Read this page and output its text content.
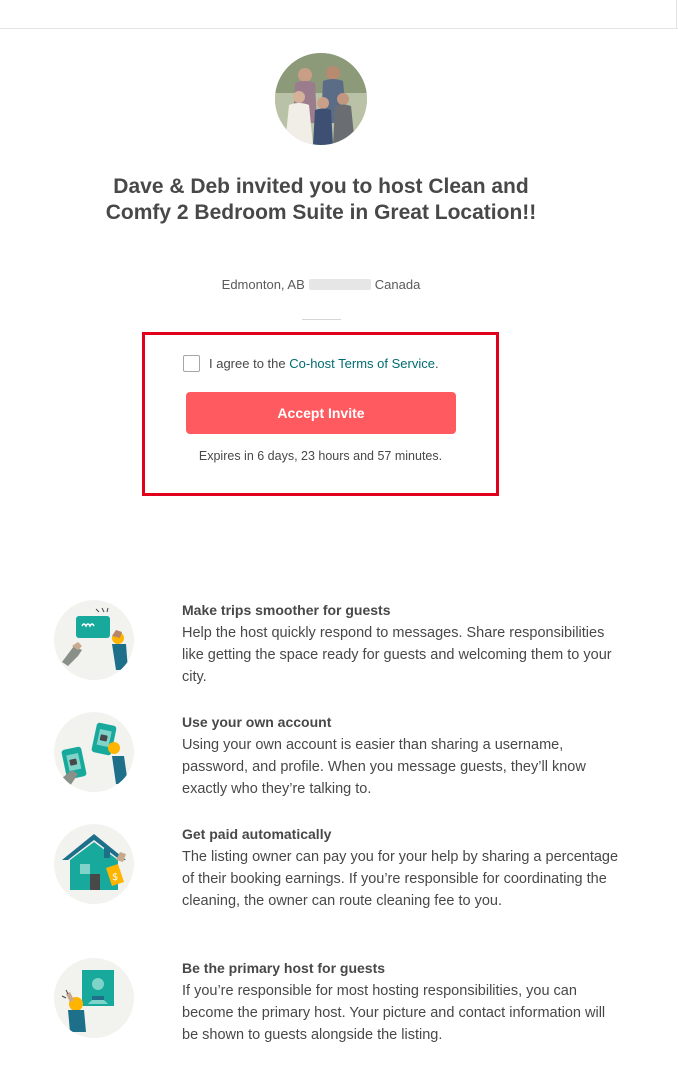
Dave & Deb invited you to host Clean and Comfy 2 Bedroom Suite in Great Location!!

Edmonton, AB	Canada

I agree to the Co-host Terms of Service.
Accept Invite

Expires in 6 days, 23 hours and 57 minutes.

Make trips smoother for guests

Help the host quickly respond to messages. Share responsibilities like getting the space ready for guests and welcoming them to your city.

Use your own account

Using your own account is easier than sharing a username, password, and profile. When you message guests, they’ll know exactly who they’re talking to.

$
Get paid automatically

The listing owner can pay you for your help by sharing a percentage of their booking earnings. If you’re responsible for coordinating the cleaning, the owner can route cleaning fee to you.

Be the primary host for guests

If you’re responsible for most hosting responsibilities, you can become the primary host. Your picture and contact information will be shown to guests alongside the listing.
